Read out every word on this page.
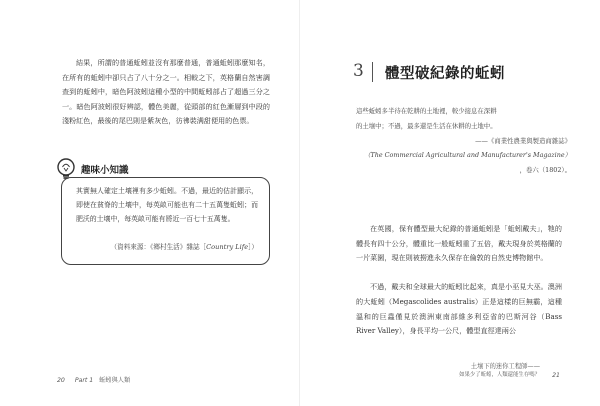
結果，所謂的普通蚯蚓並沒有那麼普通，普通蚯蚓那麼知名，在所有的蚯蚓中卻只占了八十分之一。相較之下，英格蘭自然害調查到的蚯蚓中，暗色阿波蚓這種小型的中間蚯蚓部占了超過三分之一。暗色阿波蚓很好辨認，體色美麗，從頭部的紅色漸層到中段的淺粉紅色，最後的尾巴則是紫灰色，彷彿裝满甜便用的色票。

趣味小知識

其實無人確定土壤裡有多少蚯蚓。不過，最近的估計顯示，即使在貧脊的土壤中，每英畝可能也有二十五萬隻蚯蚓；而肥沃的土壤中，每英畝可能有將近一百七十五萬隻。

（資料來源：《鄉村生活》雜誌［Country Life］）
20 Part 1 蚯蚓與人類
3 體型破紀錄的蚯蚓
這些蚯蚓多半待在乾耕的土地裡，較少接息在深耕
的土壤中；不過，最多還是生活在休耕的土地中。
——《商業性農業與製造商雜誌》
（The Commercial Agricultural and Manufacturer's Magazine）
，卷六（1802）。

在英國，保有體型最大紀錄的普通蚯蚓是「蚯蚓戴夫」，牠的體長有四十公分，體重比一般蚯蚓重了五倍，戴夫現身於英格蘭的一片菜園，現在則被撈進永久保存在倫敦的自然史博物館中。

不過，戴夫和全球最大的蚯蚓比起來，真是小巫見大巫。澳洲的大蚯蚓（Megascolides australis）正是這樣的巨無霸，這種溫和的巨蟲僅見於澳洲東南部維多利亞省的巴斯河谷（Bass River Valley），身長平均一公尺，體型直徑達兩公

土壤下的迷你工程師——
如果少了蚯蚓，人類還能生存嗎？ 21
